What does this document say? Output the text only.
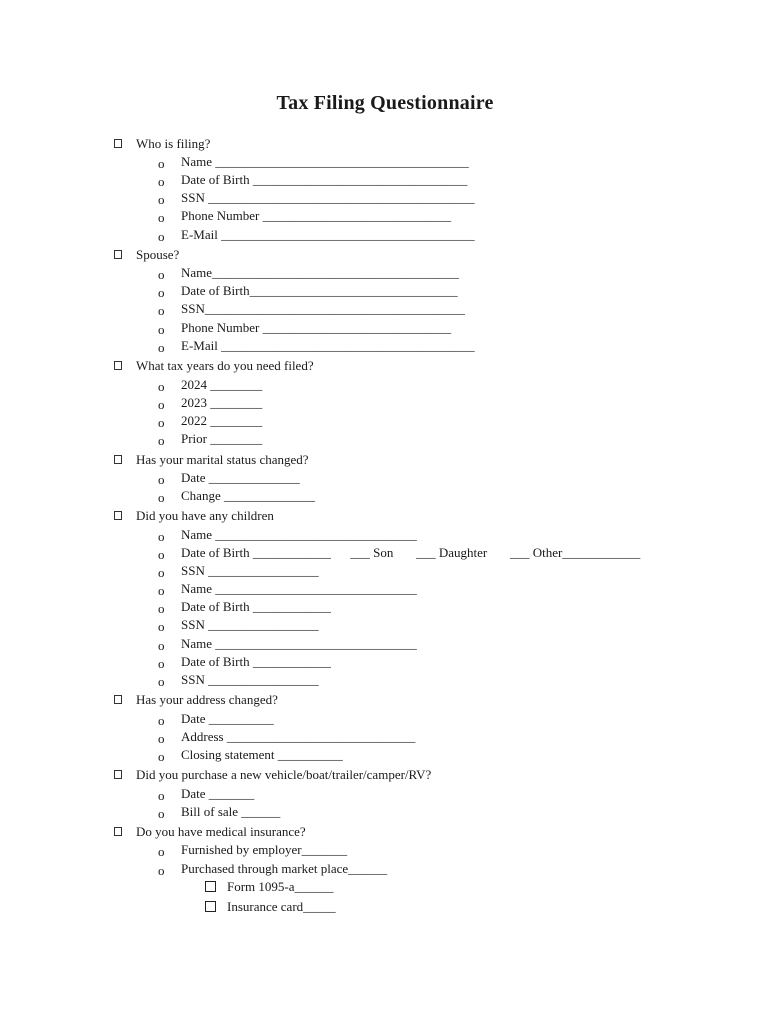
Tax Filing Questionnaire
Who is filing?
o Name _______________________________________
o Date of Birth _________________________________
o SSN _________________________________________
o Phone Number _____________________________
o E-Mail _______________________________________
Spouse?
o Name______________________________________
o Date of Birth________________________________
o SSN________________________________________
o Phone Number _____________________________
o E-Mail _______________________________________
What tax years do you need filed?
o 2024 ________
o 2023 ________
o 2022 ________
o Prior ________
Has your marital status changed?
o Date ______________
o Change ______________
Did you have any children
o Name _______________________________
o Date of Birth ____________      ___ Son       ___ Daughter       ___ Other____________
o SSN _________________
o Name _______________________________
o Date of Birth ____________
o SSN _________________
o Name _______________________________
o Date of Birth ____________
o SSN _________________
Has your address changed?
o Date __________
o Address _____________________________
o Closing statement __________
Did you purchase a new vehicle/boat/trailer/camper/RV?
o Date _______
o Bill of sale ______
Do you have medical insurance?
o Furnished by employer_______
o Purchased through market place______
Form 1095-a______
Insurance card_____
